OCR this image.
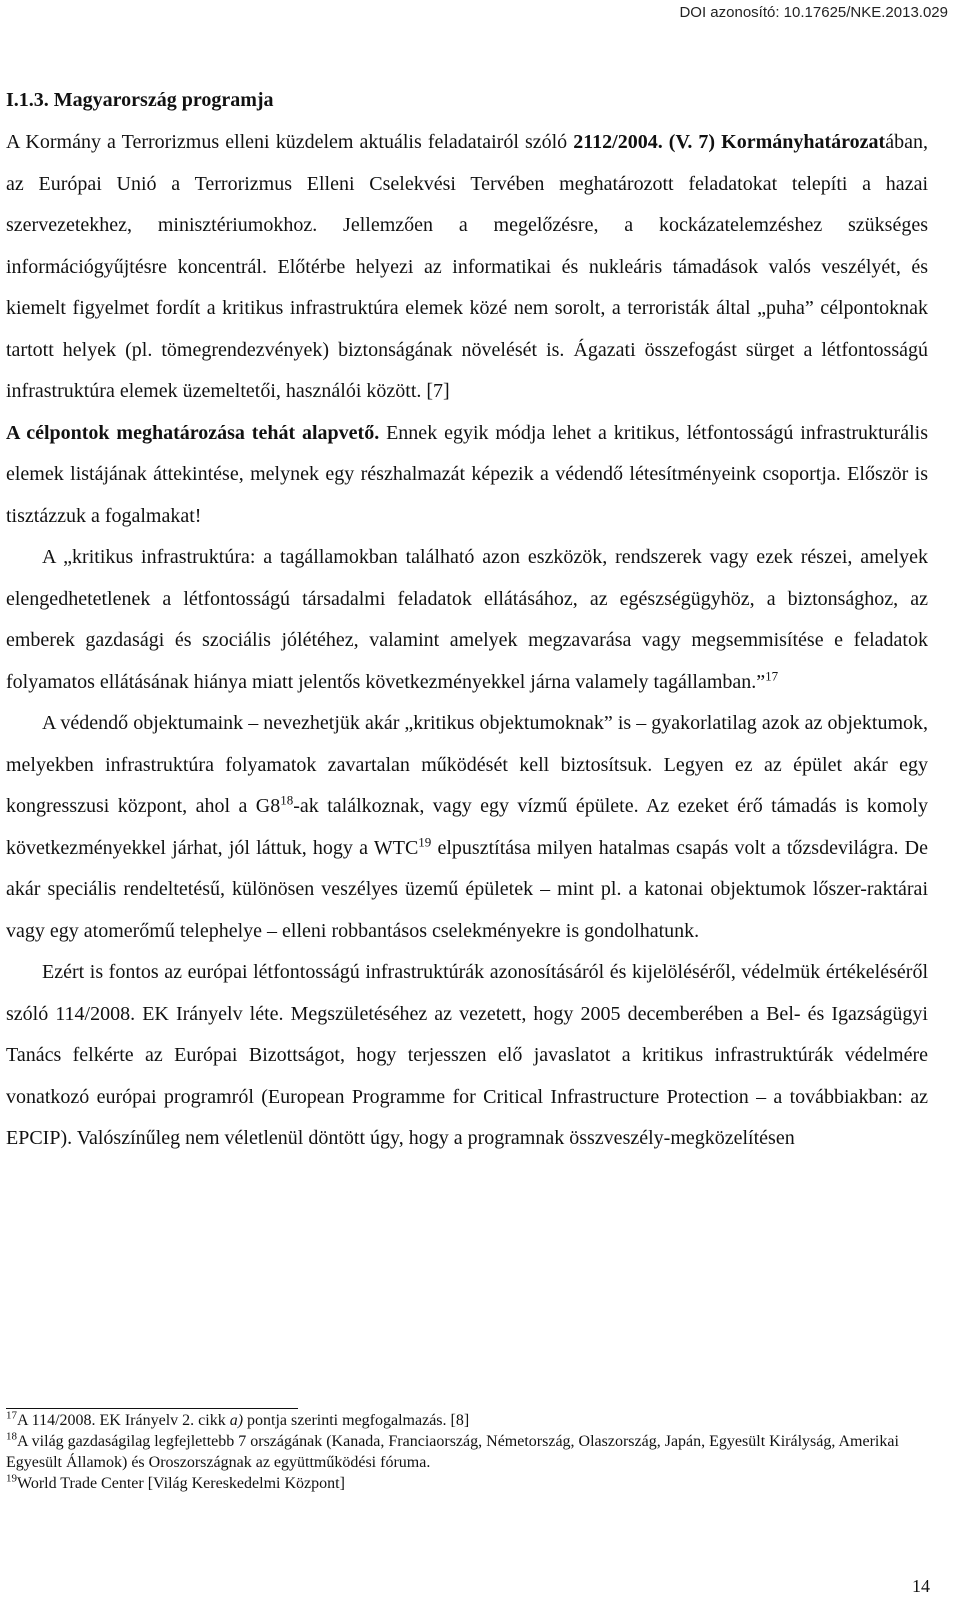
DOI azonosító: 10.17625/NKE.2013.029
I.1.3. Magyarország programja

A Kormány a Terrorizmus elleni küzdelem aktuális feladatairól szóló 2112/2004. (V. 7) Kormányhatározatában, az Európai Unió a Terrorizmus Elleni Cselekvési Tervében meghatározott feladatokat telepíti a hazai szervezetekhez, minisztériumokhoz. Jellemzően a megelőzésre, a kockázatelemzéshez szükséges információgyűjtésre koncentrál. Előtérbe helyezi az informatikai és nukleáris támadások valós veszélyét, és kiemelt figyelmet fordít a kritikus infrastruktúra elemek közé nem sorolt, a terroristák által „puha” célpontoknak tartott helyek (pl. tömegrendezvények) biztonságának növelését is. Ágazati összefogást sürget a létfontosságú infrastruktúra elemek üzemeltetői, használói között. [7]

A célpontok meghatározása tehát alapvető. Ennek egyik módja lehet a kritikus, létfontosságú infrastrukturális elemek listájának áttekintése, melynek egy részhalmazát képezik a védendő létesítményeink csoportja. Először is tisztázzuk a fogalmakat!

A „kritikus infrastruktúra: a tagállamokban található azon eszközök, rendszerek vagy ezek részei, amelyek elengedhetetlenek a létfontosságú társadalmi feladatok ellátásához, az egészségügyhöz, a biztonsághoz, az emberek gazdasági és szociális jólétéhez, valamint amelyek megzavarása vagy megsemmisítése e feladatok folyamatos ellátásának hiánya miatt jelentős következményekkel járna valamely tagállamban.”$^{17}$

A védendő objektumaink – nevezhetjük akár „kritikus objektumoknak” is – gyakorlatilag azok az objektumok, melyekben infrastruktúra folyamatok zavartalan működését kell biztosítsuk. Legyen ez az épület akár egy kongresszusi központ, ahol a $G8^{18}-ak$ találkoznak, vagy egy vízmű épülete. Az ezeket érő támadás is komoly következményekkel járhat, jól láttuk, hogy a WTC$^{19}$ elpusztítása milyen hatalmas csapás volt a tőzsdevilágra. De akár speciális rendeltetésű, különösen veszélyes üzemű épületek – mint pl. a katonai objektumok lőszer-raktárai vagy egy atomerőmű telephelye – elleni robbantásos cselekményekre is gondolhatunk.

Ezért is fontos az európai létfontosságú infrastruktúrák azonosításáról és kijelöléséről, védelmük értékeléséről szóló 114/2008. EK Irányelv léte. Megszületéséhez az vezetett, hogy 2005 decemberében a Bel- és Igazságügyi Tanács felkérte az Európai Bizottságot, hogy terjesszen elő javaslatot a kritikus infrastruktúrák védelmére vonatkozó európai programról (European Programme for Critical Infrastructure Protection – a továbbiakban: az EPCIP). Valószínűleg nem véletlenül döntött úgy, hogy a programnak összveszély-megközelítésen

$^{17}$A 114/2008. EK Irányelv 2. cikk a) pontja szerinti megfogalmazás. [8]
$^{18}$A világ gazdaságilag legfejlettebb 7 országának (Kanada, Franciaország, Németország, Olaszország, Japán, Egyesült Királyság, Amerikai Egyesült Államok) és Oroszországnak az együttműködési fóruma.
$^{19}$World Trade Center [Világ Kereskedelmi Központ]
14
